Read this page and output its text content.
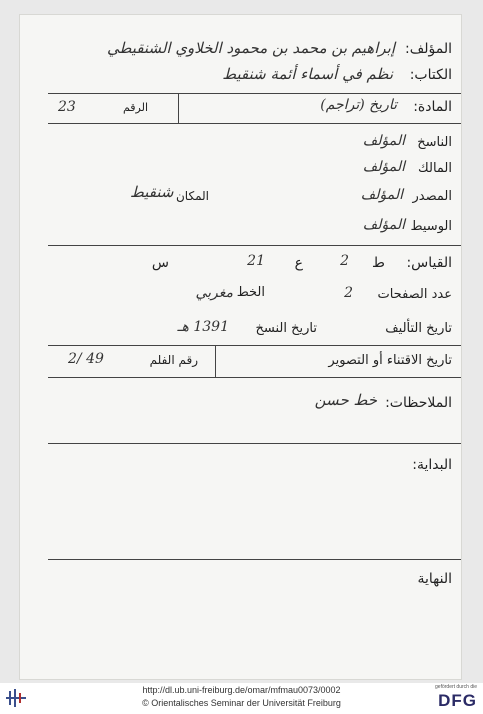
المؤلف:
إبراهيم بن محمد بن محمود الخلاوي الشنقيطي
الكتاب:
نظم في أسماء أئمة شنقيط
المادة:
تاريخ (تراجم)
الرقم
23
الناسخ
المؤلف
المالك
المؤلف
المصدر
المؤلف
الوسيط
المؤلف
المكان
شنقيط
القياس:
ط
2
ع
21
س
عدد الصفحات
2
الخط
مغربي
تاريخ التأليف
تاريخ النسخ
1391 هـ
تاريخ الاقتناء أو التصوير
رقم الفلم
2/ 49
الملاحظات:
خط حسن
البداية:
النهاية
http://dl.ub.uni-freiburg.de/omar/mfmau0073/0002
© Orientalisches Seminar der Universität Freiburg
gefördert durch die
DFG
